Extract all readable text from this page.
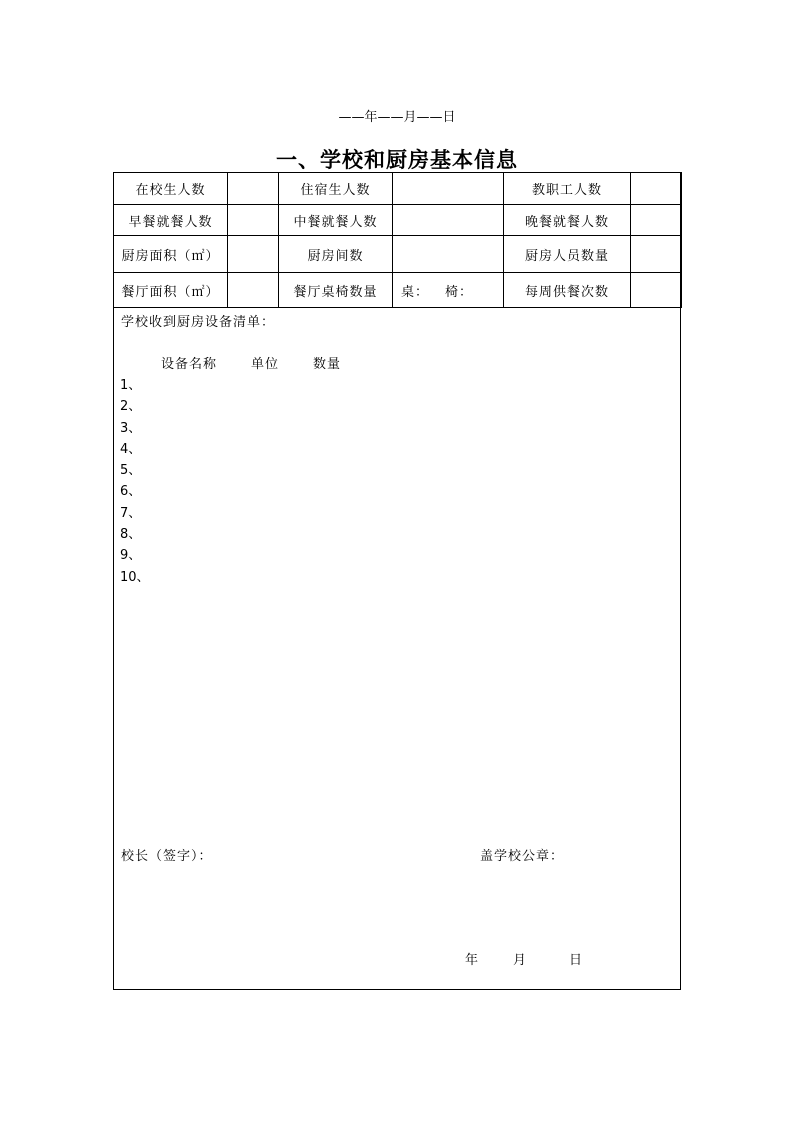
——年——月——日
一、学校和厨房基本信息
在校生人数		住宿生人数		教职工人数	
早餐就餐人数		中餐就餐人数		晚餐就餐人数	
厨房面积（㎡）		厨房间数		厨房人员数量	
餐厅面积（㎡）		餐厅桌椅数量	桌： 椅：	每周供餐次数	
学校收到厨房设备清单：
设备名称	单位	数量
1、
2、
3、
4、
5、
6、
7、
8、
9、
10、
校长（签字）：	盖学校公章：
年	月	日
